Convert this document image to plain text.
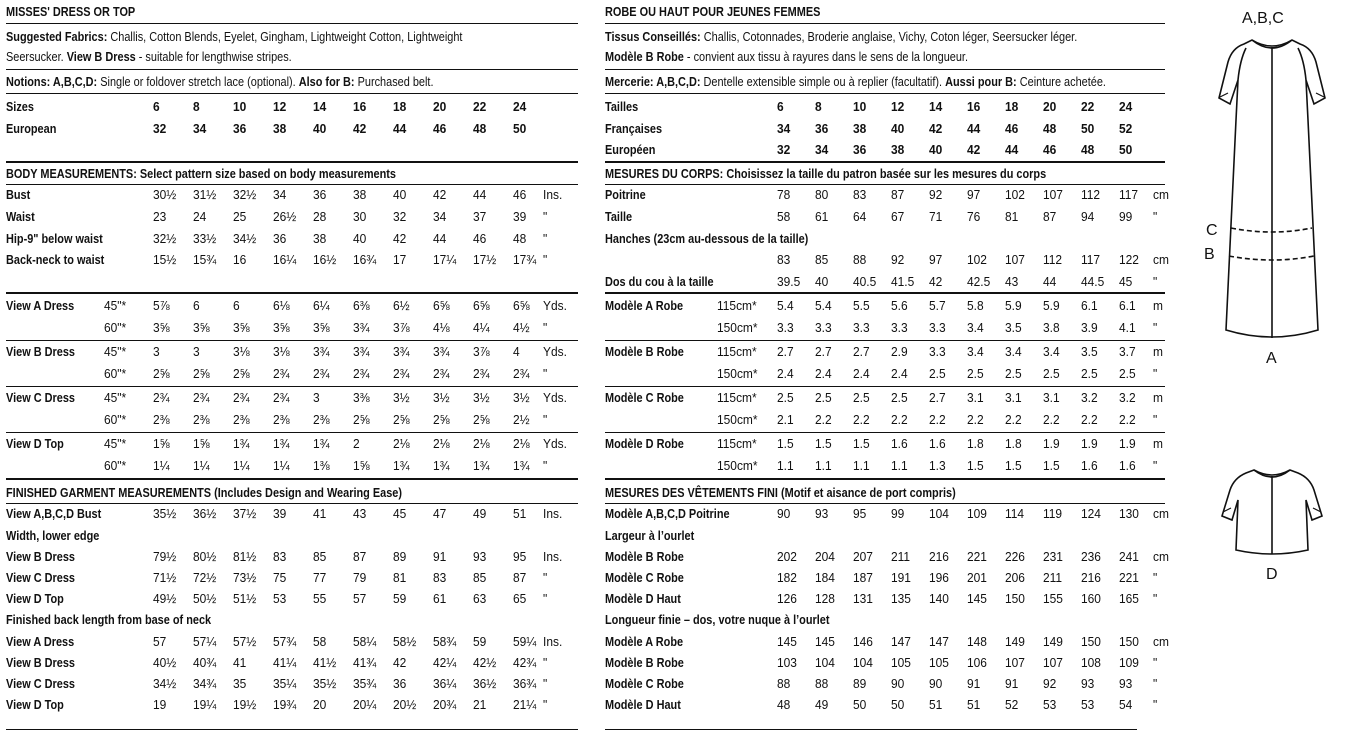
MISSES' DRESS OR TOP
Suggested Fabrics: Challis, Cotton Blends, Eyelet, Gingham, Lightweight Cotton, Lightweight
Seersucker. View B Dress - suitable for lengthwise stripes.
Notions: A,B,C,D: Single or foldover stretch lace (optional). Also for B: Purchased belt.
Sizes	6	8	10 12 14 16 18 20 22 24
European	32 34 36 38 40 42 44 46 48 50
BODY MEASUREMENTS: Select pattern size based on body measurements
Bust	30½ 31½ 32½ 34 36 38 40 42 44 46 Ins.
Waist	23 24 25 26½ 28 30 32 34 37 39 "
Hip-9" below waist	32½ 33½ 34½ 36 38 40 42 44 46 48 "
Back-neck to waist	15½ 15¾ 16 16¼ 16½ 16¾ 17 17¼ 17½ 17¾ "
View A Dress 45"* 5⅞ 6	6	6⅛ 6¼ 6⅜ 6½ 6⅝ 6⅝ 6⅝ Yds.
60"* 3⅝ 3⅝ 3⅝ 3⅝ 3⅝ 3¾ 3⅞ 4⅛ 4¼ 4½ "
View B Dress 45"* 3	3	3⅛ 3⅛ 3¾ 3¾ 3¾ 3¾ 3⅞ 4 Yds.
60"* 2⅝ 2⅝ 2⅝ 2¾ 2¾ 2¾ 2¾ 2¾ 2¾ 2¾ "
View C Dress 45"* 2¾ 2¾ 2¾ 2¾ 3	3⅜ 3½ 3½ 3½ 3½ Yds.
60"* 2⅜ 2⅜ 2⅜ 2⅜ 2⅜ 2⅝ 2⅝ 2⅝ 2⅝ 2½ "
View D Top	45"* 1⅝ 1⅝ 1¾ 1¾ 1¾ 2	2⅛ 2⅛ 2⅛ 2⅛ Yds.
60"* 1¼ 1¼ 1¼ 1¼ 1⅜ 1⅝ 1¾ 1¾ 1¾ 1¾ "
FINISHED GARMENT MEASUREMENTS (Includes Design and Wearing Ease)
View A,B,C,D Bust	35½ 36½ 37½ 39 41 43 45 47 49 51 Ins.
Width, lower edge
View B Dress	79½ 80½ 81½ 83 85 87 89 91 93 95 Ins.
View C Dress	71½ 72½ 73½ 75 77 79 81 83 85 87 "
View D Top	49½ 50½ 51½ 53 55 57 59 61 63 65 "
Finished back length from base of neck
View A Dress	57 57¼ 57½ 57¾ 58 58¼ 58½ 58¾ 59 59¼ Ins.
View B Dress	40½ 40¾ 41 41¼ 41½ 41¾ 42 42¼ 42½ 42¾ "
View C Dress	34½ 34¾ 35 35¼ 35½ 35¾ 36 36¼ 36½ 36¾ "
View D Top	19 19¼ 19½ 19¾ 20 20¼ 20½ 20¾ 21 21¼ "
ROBE OU HAUT POUR JEUNES FEMMES
Tissus Conseillés: Challis, Cotonnades, Broderie anglaise, Vichy, Coton léger, Seersucker léger.
Modèle B Robe - convient aux tissu à rayures dans le sens de la longueur.
Mercerie: A,B,C,D: Dentelle extensible simple ou à replier (facultatif). Aussi pour B: Ceinture achetée.
Tailles	6 8 10 12 14 16 18 20 22 24
Françaises	34 36 38 40 42 44 46 48 50 52
Européen	32 34 36 38 40 42 44 46 48 50
MESURES DU CORPS: Choisissez la taille du patron basée sur les mesures du corps
Poitrine	78 80 83 87 92 97 102 107 112 117 cm
Taille	58 61 64 67 71 76 81 87 94 99 "
Hanches (23cm au-dessous de la taille)
83 85 88 92 97 102 107 112 117 122 cm
Dos du cou à la taille	39.5 40 40.5 41.5 42 42.5 43 44 44.5 45 "
Modèle A Robe	115cm* 5.4 5.4 5.5 5.6 5.7 5.8 5.9 5.9 6.1 6.1 m
150cm* 3.3 3.3 3.3 3.3 3.3 3.4 3.5 3.8 3.9 4.1 "
Modèle B Robe	115cm* 2.7 2.7 2.7 2.9 3.3 3.4 3.4 3.4 3.5 3.7 m
150cm* 2.4 2.4 2.4 2.4 2.5 2.5 2.5 2.5 2.5 2.5 "
Modèle C Robe	115cm* 2.5 2.5 2.5 2.5 2.7 3.1 3.1 3.1 3.2 3.2 m
150cm* 2.1 2.2 2.2 2.2 2.2 2.2 2.2 2.2 2.2 2.2 "
Modèle D Robe	115cm* 1.5 1.5 1.5 1.6 1.6 1.8 1.8 1.9 1.9 1.9 m
150cm* 1.1 1.1 1.1 1.1 1.3 1.5 1.5 1.5 1.6 1.6 "
MESURES DES VÊTEMENTS FINI (Motif et aisance de port compris)
Modèle A,B,C,D Poitrine	90 93 95 99 104 109 114 119 124 130 cm
Largeur à l’ourlet
Modèle B Robe	202 204 207 211 216 221 226 231 236 241 cm
Modèle C Robe	182 184 187 191 196 201 206 211 216 221 "
Modèle D Haut	126 128 131 135 140 145 150 155 160 165 "
Longueur finie – dos, votre nuque à l’ourlet
Modèle A Robe	145 145 146 147 147 148 149 149 150 150 cm
Modèle B Robe	103 104 104 105 105 106 107 107 108 109 "
Modèle C Robe	88 88 89 90 90 91 91 92 93 93 "
Modèle D Haut	48 49 50 50 51 51 52 53 53 54 "
A,B,C
C
B
A
D
